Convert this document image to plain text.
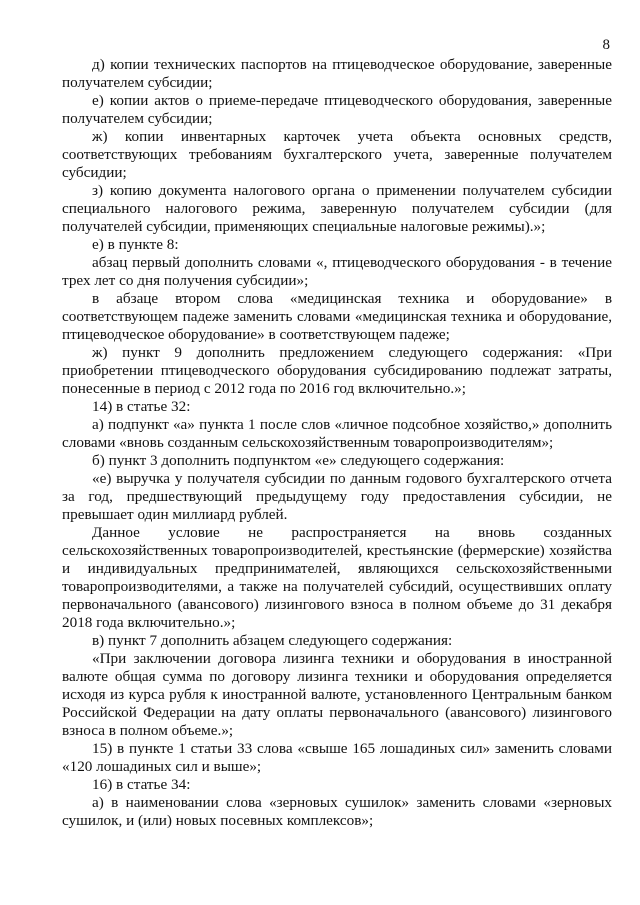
8

д) копии технических паспортов на птицеводческое оборудование, заверенные получателем субсидии;

е) копии актов о приеме-передаче птицеводческого оборудования, заверенные получателем субсидии;

ж) копии инвентарных карточек учета объекта основных средств, соответствующих требованиям бухгалтерского учета, заверенные получателем субсидии;

з) копию документа налогового органа о применении получателем субсидии специального налогового режима, заверенную получателем субсидии (для получателей субсидии, применяющих специальные налоговые режимы).»;

е) в пункте 8:

абзац первый дополнить словами «, птицеводческого оборудования - в течение трех лет со дня получения субсидии»;

в абзаце втором слова «медицинская техника и оборудование» в соответствующем падеже заменить словами «медицинская техника и оборудование, птицеводческое оборудование» в соответствующем падеже;

ж) пункт 9 дополнить предложением следующего содержания: «При приобретении птицеводческого оборудования субсидированию подлежат затраты, понесенные в период с 2012 года по 2016 год включительно.»;

14) в статье 32:

а) подпункт «а» пункта 1 после слов «личное подсобное хозяйство,» дополнить словами «вновь созданным сельскохозяйственным товаропроизводителям»;

б) пункт 3 дополнить подпунктом «е» следующего содержания:

«е) выручка у получателя субсидии по данным годового бухгалтерского отчета за год, предшествующий предыдущему году предоставления субсидии, не превышает один миллиард рублей.

Данное условие не распространяется на вновь созданных сельскохозяйственных товаропроизводителей, крестьянские (фермерские) хозяйства и индивидуальных предпринимателей, являющихся сельскохозяйственными товаропроизводителями, а также на получателей субсидий, осуществивших оплату первоначального (авансового) лизингового взноса в полном объеме до 31 декабря 2018 года включительно.»;

в) пункт 7 дополнить абзацем следующего содержания:

«При заключении договора лизинга техники и оборудования в иностранной валюте общая сумма по договору лизинга техники и оборудования определяется исходя из курса рубля к иностранной валюте, установленного Центральным банком Российской Федерации на дату оплаты первоначального (авансового) лизингового взноса в полном объеме.»;

15) в пункте 1 статьи 33 слова «свыше 165 лошадиных сил» заменить словами «120 лошадиных сил и выше»;

16) в статье 34:

а) в наименовании слова «зерновых сушилок» заменить словами «зерновых сушилок, и (или) новых посевных комплексов»;
